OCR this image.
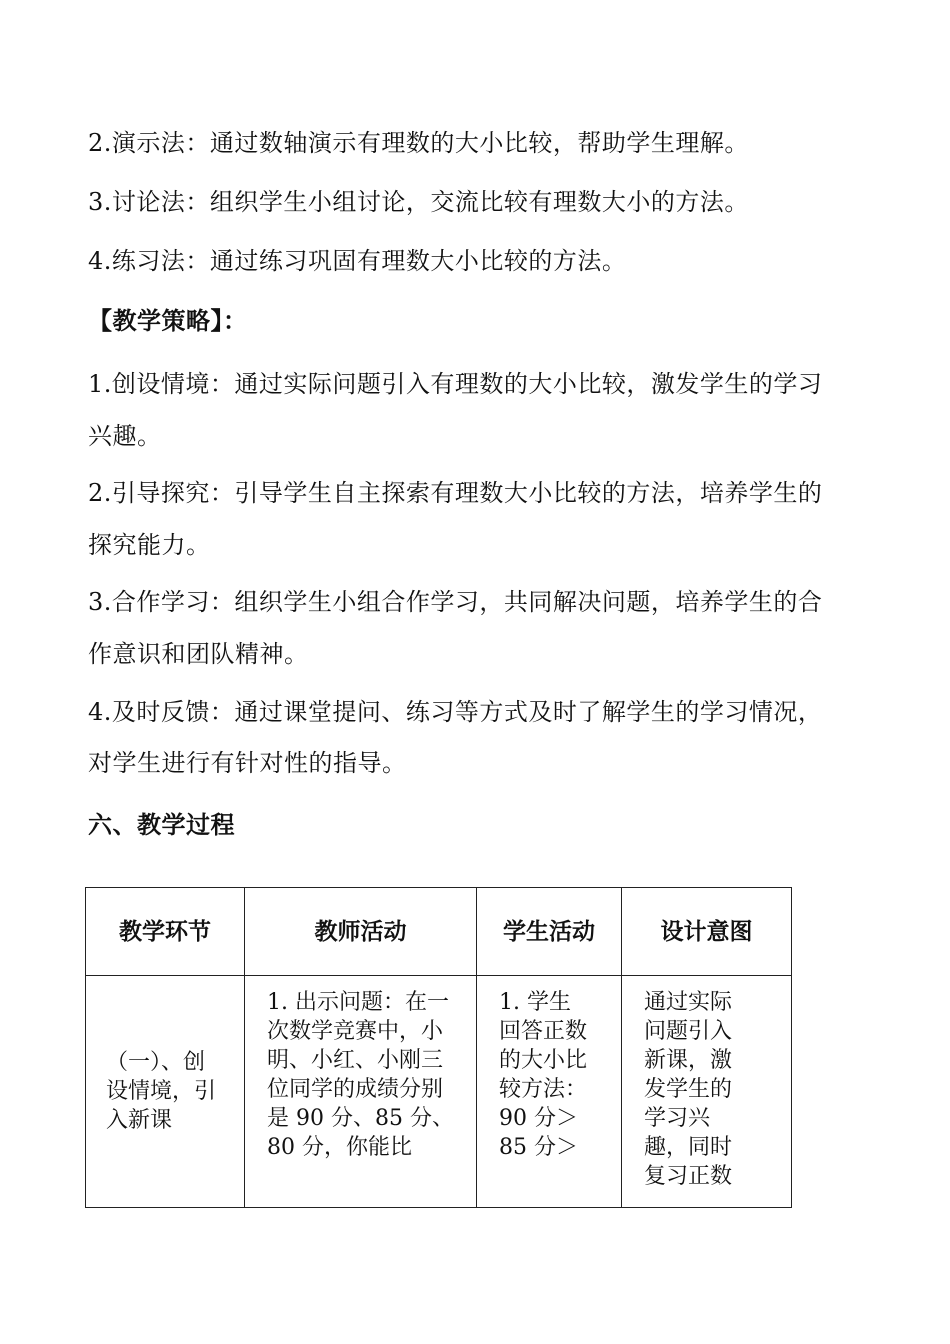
2.演示法：通过数轴演示有理数的大小比较，帮助学生理解。
3.讨论法：组织学生小组讨论，交流比较有理数大小的方法。
4.练习法：通过练习巩固有理数大小比较的方法。
【教学策略】：
1.创设情境：通过实际问题引入有理数的大小比较，激发学生的学习
兴趣。
2.引导探究：引导学生自主探索有理数大小比较的方法，培养学生的
探究能力。
3.合作学习：组织学生小组合作学习，共同解决问题，培养学生的合
作意识和团队精神。
4.及时反馈：通过课堂提问、练习等方式及时了解学生的学习情况，
对学生进行有针对性的指导。
六、教学过程
教学环节	教师活动	学生活动	设计意图

（一）、创设情境，引入新课	1. 出示问题：在一次数学竞赛中，小明、小红、小刚三位同学的成绩分别是 90 分、85 分、80 分，你能比	1. 学生回答正数的大小比较方法：90 分＞85 分＞	通过实际问题引入新课，激发学生的学习兴趣，同时复习正数
